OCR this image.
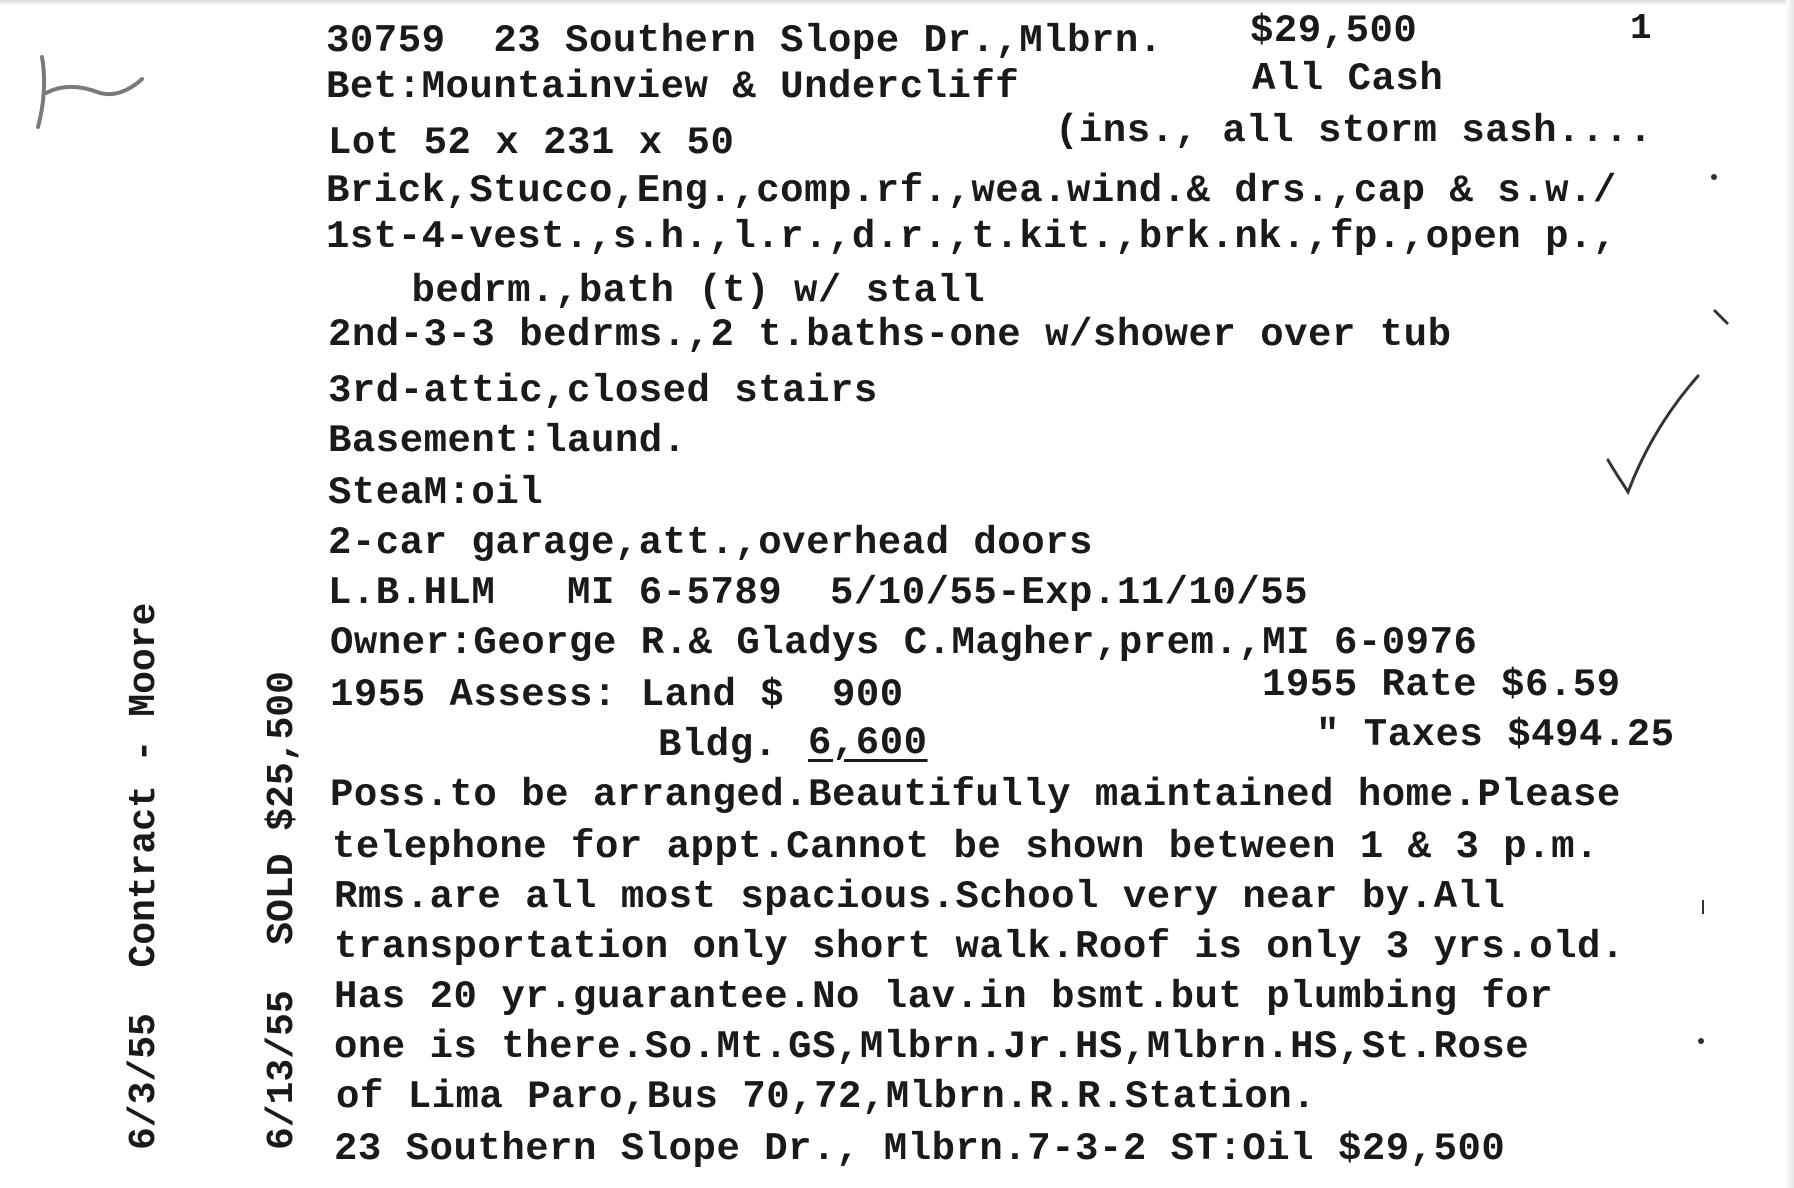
1
30759  23 Southern Slope Dr.,Mlbrn. $29,500
Bet:Mountainview & Undercliff	All Cash
Lot 52 x 231 x 50	(ins., all storm sash....
Brick,Stucco,Eng.,comp.rf.,wea.wind.& drs.,cap & s.w./
1st-4-vest.,s.h.,l.r.,d.r.,t.kit.,brk.nk.,fp.,open p.,
bedrm.,bath (t) w/ stall
2nd-3-3 bedrms.,2 t.baths-one w/shower over tub
3rd-attic,closed stairs
Basement:laund.
SteaM:oil
2-car garage,att.,overhead doors
L.B.HLM   MI 6-5789  5/10/55-Exp.11/10/55
Owner:George R.& Gladys C.Magher,prem.,MI 6-0976
1955 Assess: Land $  900	1955 Rate $6.59
Bldg. 6,600	" Taxes $494.25
Poss.to be arranged.Beautifully maintained home.Please
telephone for appt.Cannot be shown between 1 & 3 p.m.
Rms.are all most spacious.School very near by.All
transportation only short walk.Roof is only 3 yrs.old.
Has 20 yr.guarantee.No lav.in bsmt.but plumbing for
one is there.So.Mt.GS,Mlbrn.Jr.HS,Mlbrn.HS,St.Rose
of Lima Paro,Bus 70,72,Mlbrn.R.R.Station.
23 Southern Slope Dr., Mlbrn.7-3-2 ST:Oil $29,500

6/3/55  Contract - Moore

	6/13/55  SOLD $25,500
